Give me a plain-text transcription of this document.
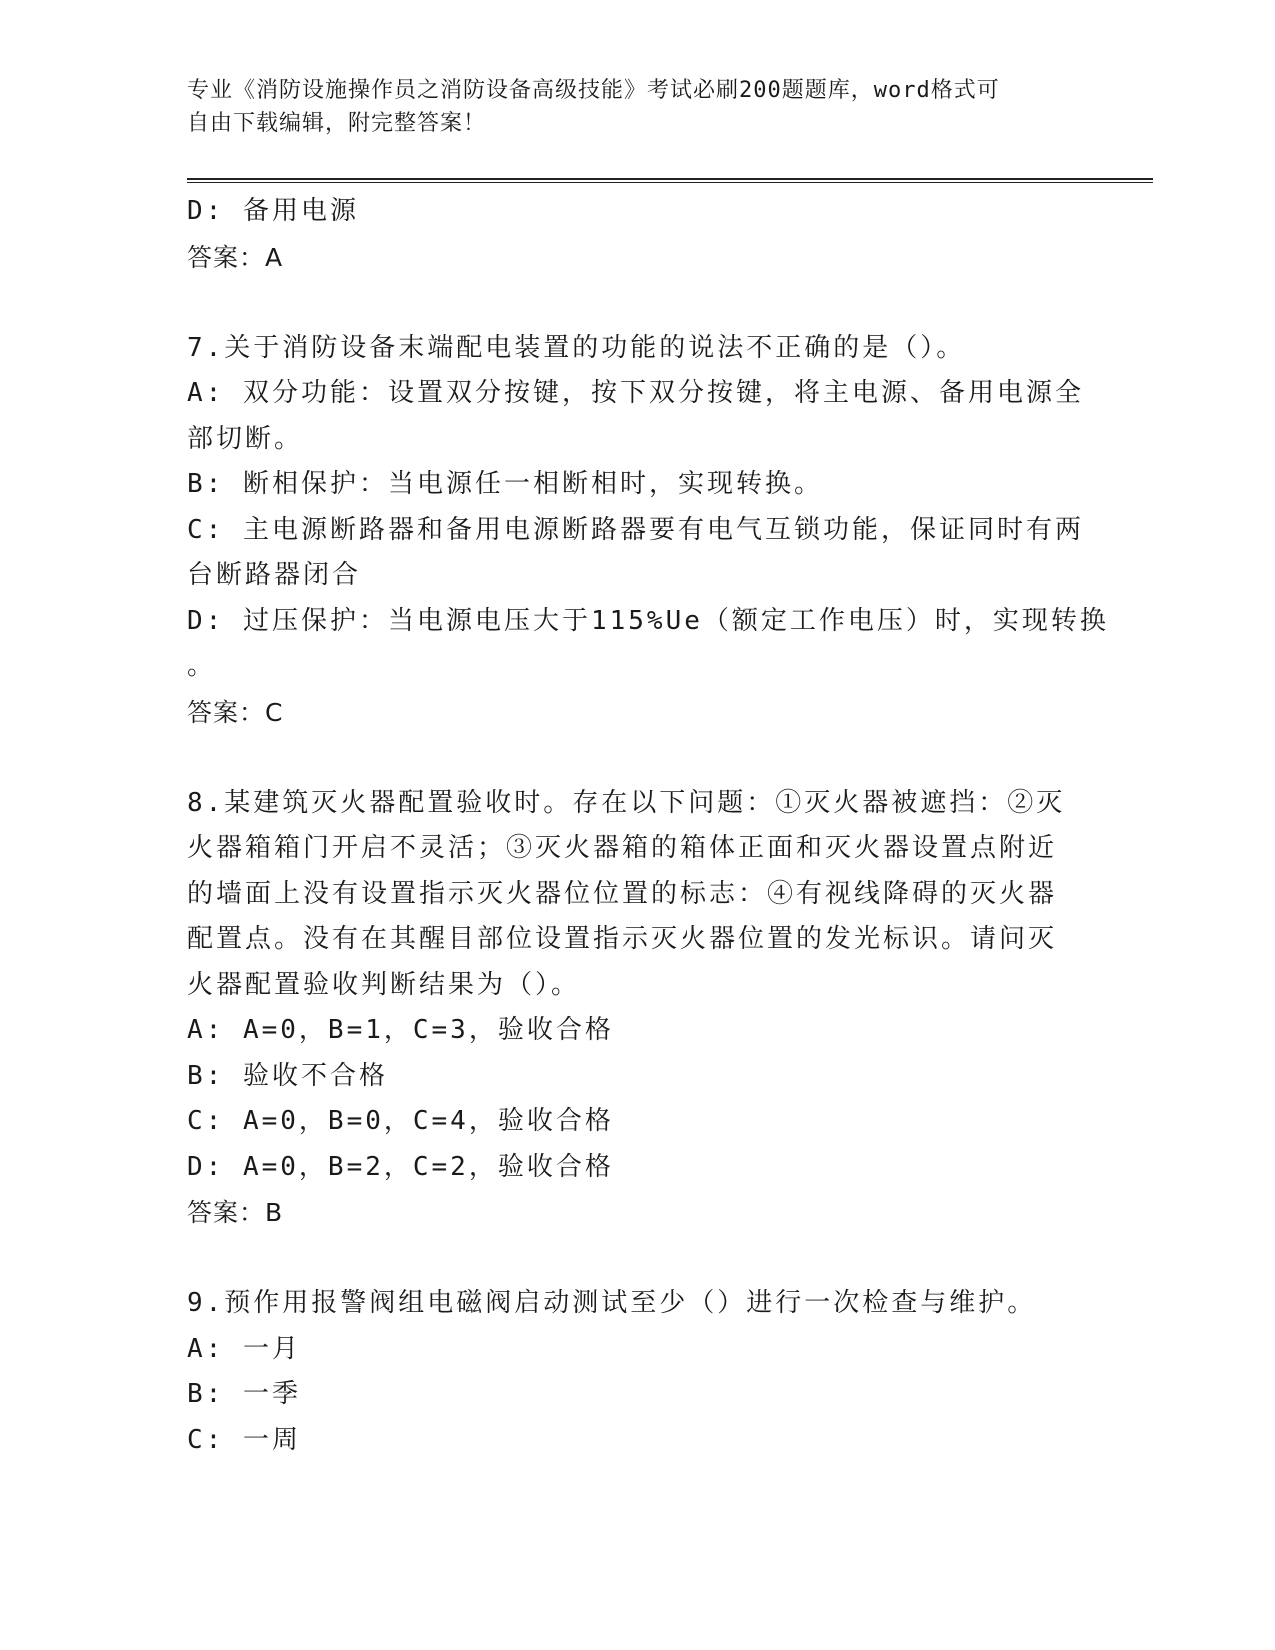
专业《消防设施操作员之消防设备高级技能》考试必刷200题题库，word格式可
自由下载编辑，附完整答案！
D: 备用电源
答案：A
7.关于消防设备末端配电装置的功能的说法不正确的是（）。
A: 双分功能：设置双分按键，按下双分按键，将主电源、备用电源全
部切断。
B: 断相保护：当电源任一相断相时，实现转换。
C: 主电源断路器和备用电源断路器要有电气互锁功能，保证同时有两
台断路器闭合
D: 过压保护：当电源电压大于115%Ue（额定工作电压）时，实现转换
。
答案：C
8.某建筑灭火器配置验收时。存在以下问题：①灭火器被遮挡：②灭
火器箱箱门开启不灵活；③灭火器箱的箱体正面和灭火器设置点附近
的墙面上没有设置指示灭火器位位置的标志：④有视线降碍的灭火器
配置点。没有在其醒目部位设置指示灭火器位置的发光标识。请问灭
火器配置验收判断结果为（）。
A: A=0，B=1，C=3，验收合格
B: 验收不合格
C: A=0，B=0，C=4，验收合格
D: A=0，B=2，C=2，验收合格
答案：B
9.预作用报警阀组电磁阀启动测试至少（）进行一次检查与维护。
A: 一月
B: 一季
C: 一周
